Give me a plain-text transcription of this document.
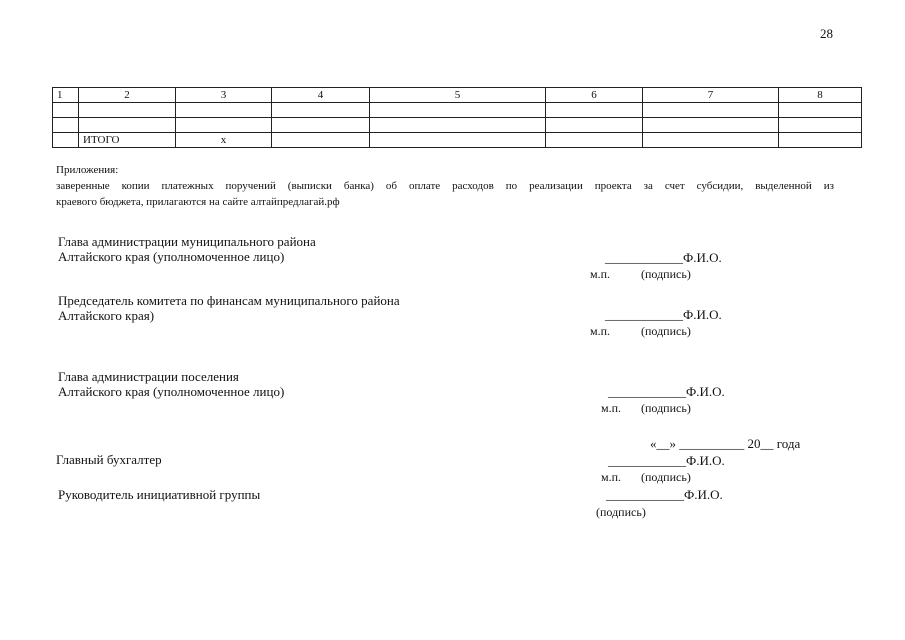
28
1	2	3	4	5	6	7	8

	ИТОГО	х					
Приложения:
заверенные копии платежных поручений (выписки банка) об оплате расходов по реализации проекта за счет субсидии, выделенной из
краевого бюджета, прилагаются на сайте алтайпредлагай.рф
Глава администрации муниципального района
Алтайского края (уполномоченное лицо)	____________Ф.И.О.
м.п.	(подпись)
Председатель комитета по финансам муниципального района
Алтайского края)	____________Ф.И.О.
м.п.	(подпись)
Глава администрации поселения
Алтайского края (уполномоченное лицо)	____________Ф.И.О.
м.п. (подпись)
«__» __________ 20__ года
Главный бухгалтер	____________Ф.И.О.
м.п. (подпись)
Руководитель инициативной группы	____________Ф.И.О.
(подпись)
